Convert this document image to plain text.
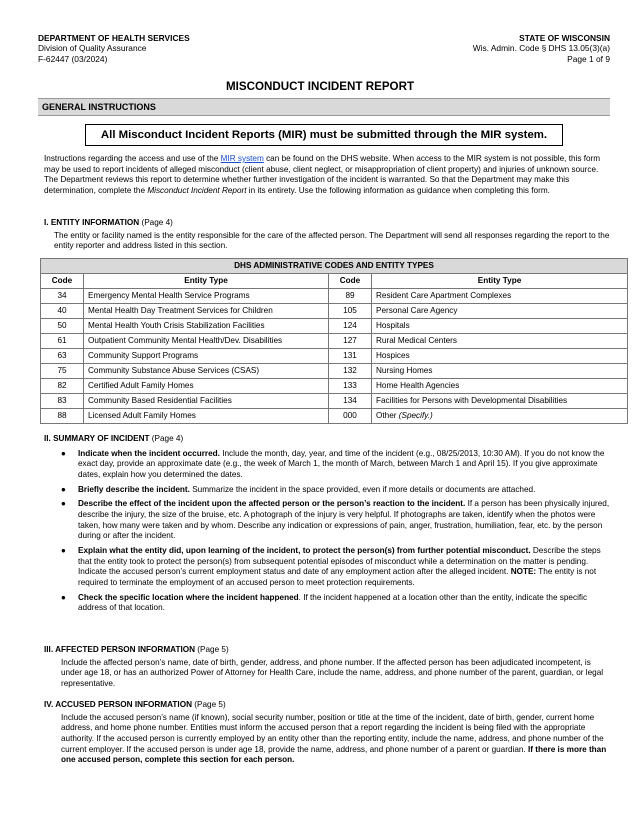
DEPARTMENT OF HEALTH SERVICES
Division of Quality Assurance
F-62447 (03/2024)
STATE OF WISCONSIN
Wis. Admin. Code § DHS 13.05(3)(a)
Page 1 of 9
MISCONDUCT INCIDENT REPORT
GENERAL INSTRUCTIONS
All Misconduct Incident Reports (MIR) must be submitted through the MIR system.
Instructions regarding the access and use of the MIR system can be found on the DHS website. When access to the MIR system is not possible, this form may be used to report incidents of alleged misconduct (client abuse, client neglect, or misappropriation of client property) and injuries of unknown source. The Department reviews this report to determine whether further investigation of the incident is warranted. So that the Department may make this determination, complete the Misconduct Incident Report in its entirety. Use the following information as guidance when completing this form.
I. ENTITY INFORMATION (Page 4)
The entity or facility named is the entity responsible for the care of the affected person. The Department will send all responses regarding the report to the entity reporter and address listed in this section.
DHS ADMINISTRATIVE CODES AND ENTITY TYPES			
Code	Entity Type	Code	Entity Type
34	Emergency Mental Health Service Programs	89	Resident Care Apartment Complexes
40	Mental Health Day Treatment Services for Children	105	Personal Care Agency
50	Mental Health Youth Crisis Stabilization Facilities	124	Hospitals
61	Outpatient Community Mental Health/Dev. Disabilities	127	Rural Medical Centers
63	Community Support Programs	131	Hospices
75	Community Substance Abuse Services (CSAS)	132	Nursing Homes
82	Certified Adult Family Homes	133	Home Health Agencies
83	Community Based Residential Facilities	134	Facilities for Persons with Developmental Disabilities
88	Licensed Adult Family Homes	000	Other (Specify.)
II. SUMMARY OF INCIDENT (Page 4)
● Indicate when the incident occurred. Include the month, day, year, and time of the incident (e.g., 08/25/2013, 10:30 AM). If you do not know the exact day, provide an approximate date (e.g., the week of March 1, the month of March, between March 1 and April 15). If you give approximate dates, explain how you determined the dates.
● Briefly describe the incident. Summarize the incident in the space provided, even if more details or documents are attached.
● Describe the effect of the incident upon the affected person or the person’s reaction to the incident. If a person has been physically injured, describe the injury, the size of the bruise, etc. A photograph of the injury is very helpful. If photographs are taken, identify when the photos were taken, how many were taken and by whom. Describe any indication or expressions of pain, anger, frustration, humiliation, fear, etc. by the person during or after the incident.
● Explain what the entity did, upon learning of the incident, to protect the person(s) from further potential misconduct. Describe the steps that the entity took to protect the person(s) from subsequent potential episodes of misconduct while a determination on the matter is pending. Indicate the accused person’s current employment status and date of any employment action after the alleged incident. NOTE: The entity is not required to terminate the employment of an accused person to meet protection requirements.
● Check the specific location where the incident happened. If the incident happened at a location other than the entity, indicate the specific address of that location.
III. AFFECTED PERSON INFORMATION (Page 5)
Include the affected person’s name, date of birth, gender, address, and phone number. If the affected person has been adjudicated incompetent, is under age 18, or has an authorized Power of Attorney for Health Care, include the name, address, and phone number of the parent, guardian, or legal representative.
IV. ACCUSED PERSON INFORMATION (Page 5)
Include the accused person’s name (if known), social security number, position or title at the time of the incident, date of birth, gender, current home address, and home phone number. Entities must inform the accused person that a report regarding the incident is being filed with the appropriate authority. If the accused person is currently employed by an entity other than the reporting entity, include the name, address, and phone number of the current employer. If the accused person is under age 18, provide the name, address, and phone number of a parent or guardian. If there is more than one accused person, complete this section for each person.
